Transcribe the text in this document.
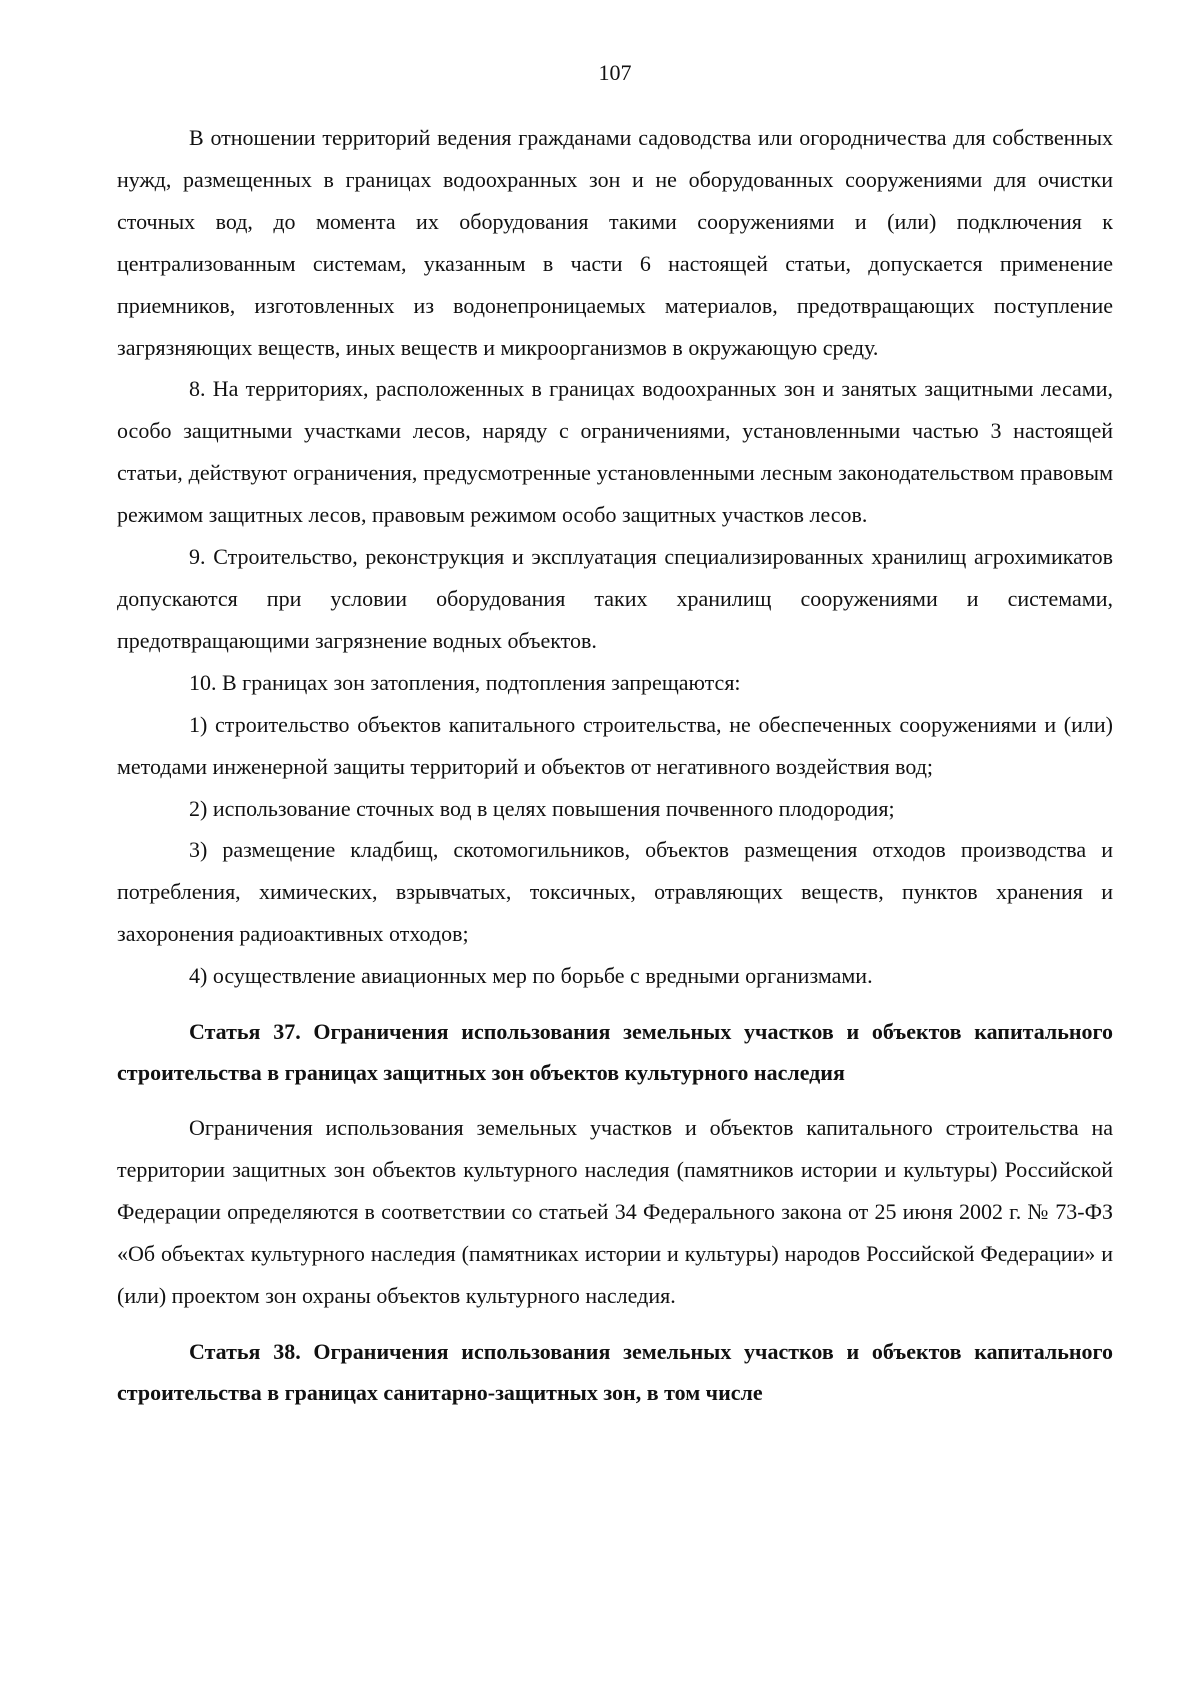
107

В отношении территорий ведения гражданами садоводства или огородничества для собственных нужд, размещенных в границах водоохранных зон и не оборудованных сооружениями для очистки сточных вод, до момента их оборудования такими сооружениями и (или) подключения к централизованным системам, указанным в части 6 настоящей статьи, допускается применение приемников, изготовленных из водонепроницаемых материалов, предотвращающих поступление загрязняющих веществ, иных веществ и микроорганизмов в окружающую среду.

8. На территориях, расположенных в границах водоохранных зон и занятых защитными лесами, особо защитными участками лесов, наряду с ограничениями, установленными частью 3 настоящей статьи, действуют ограничения, предусмотренные установленными лесным законодательством правовым режимом защитных лесов, правовым режимом особо защитных участков лесов.

9. Строительство, реконструкция и эксплуатация специализированных хранилищ агрохимикатов допускаются при условии оборудования таких хранилищ сооружениями и системами, предотвращающими загрязнение водных объектов.

10. В границах зон затопления, подтопления запрещаются:

1) строительство объектов капитального строительства, не обеспеченных сооружениями и (или) методами инженерной защиты территорий и объектов от негативного воздействия вод;

2) использование сточных вод в целях повышения почвенного плодородия;

3) размещение кладбищ, скотомогильников, объектов размещения отходов производства и потребления, химических, взрывчатых, токсичных, отравляющих веществ, пунктов хранения и захоронения радиоактивных отходов;

4) осуществление авиационных мер по борьбе с вредными организмами.

Статья 37. Ограничения использования земельных участков и объектов капитального строительства в границах защитных зон объектов культурного наследия

Ограничения использования земельных участков и объектов капитального строительства на территории защитных зон объектов культурного наследия (памятников истории и культуры) Российской Федерации определяются в соответствии со статьей 34 Федерального закона от 25 июня 2002 г. № 73-ФЗ «Об объектах культурного наследия (памятниках истории и культуры) народов Российской Федерации» и (или) проектом зон охраны объектов культурного наследия.

Статья 38. Ограничения использования земельных участков и объектов капитального строительства в границах санитарно-защитных зон, в том числе
